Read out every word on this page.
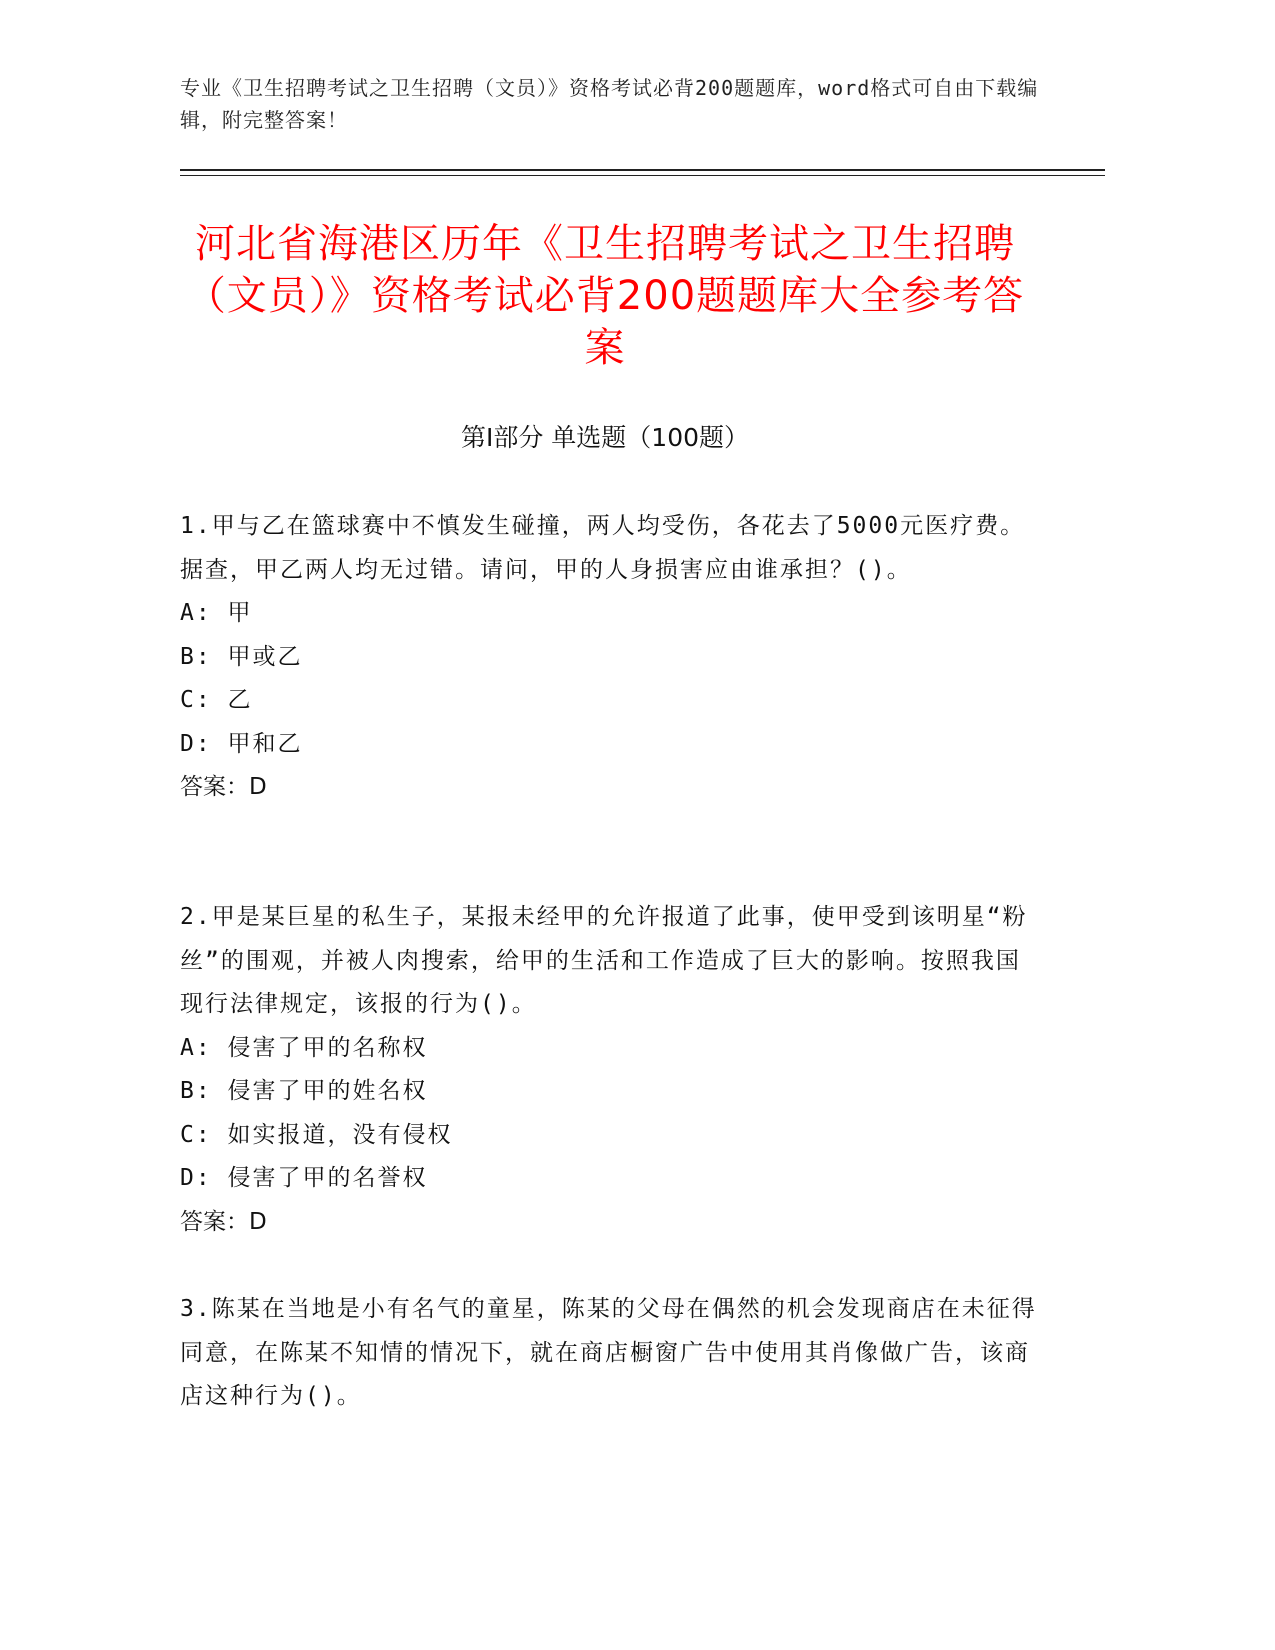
专业《卫生招聘考试之卫生招聘（文员）》资格考试必背200题题库，word格式可自由下载编辑，附完整答案！
河北省海港区历年《卫生招聘考试之卫生招聘（文员）》资格考试必背200题题库大全参考答案
第I部分 单选题（100题）

1.甲与乙在篮球赛中不慎发生碰撞，两人均受伤，各花去了5000元医疗费。据查，甲乙两人均无过错。请问，甲的人身损害应由谁承担？()。

A: 甲

B: 甲或乙

C: 乙

D: 甲和乙

答案：D

2.甲是某巨星的私生子，某报未经甲的允许报道了此事，使甲受到该明星“粉丝”的围观，并被人肉搜索，给甲的生活和工作造成了巨大的影响。按照我国现行法律规定，该报的行为()。

A: 侵害了甲的名称权

B: 侵害了甲的姓名权

C: 如实报道，没有侵权

D: 侵害了甲的名誉权

答案：D

3.陈某在当地是小有名气的童星，陈某的父母在偶然的机会发现商店在未征得同意，在陈某不知情的情况下，就在商店橱窗广告中使用其肖像做广告，该商店这种行为()。
